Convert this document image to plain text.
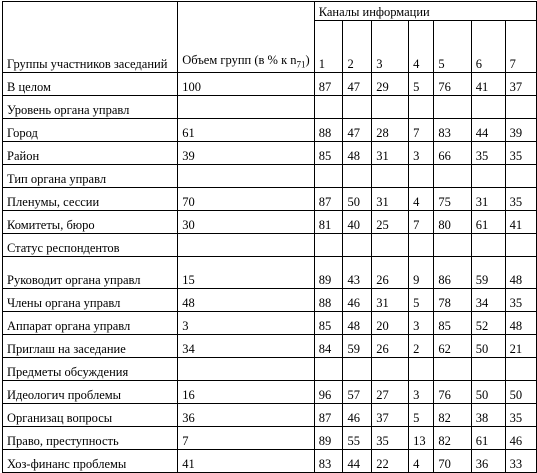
Группы участников заседаний	Объем групп (в % к $n_{71}$)	Каналы информации						
		1	2	3	4	5	6	7
В целом	100	87	47	29	5	76	41	37
Уровень органа управл								
Город	61	88	47	28	7	83	44	39
Район	39	85	48	31	3	66	35	35
Тип органа управл								
Пленумы, сессии	70	87	50	31	4	75	31	35
Комитеты, бюро	30	81	40	25	7	80	61	41
Статус респондентов								
Руководит органа управл	15	89	43	26	9	86	59	48
Члены органа управл	48	88	46	31	5	78	34	35
Аппарат органа управл	3	85	48	20	3	85	52	48
Приглаш на заседание	34	84	59	26	2	62	50	21
Предметы обсуждения								
Идеологич проблемы	16	96	57	27	3	76	50	50
Организац вопросы	36	87	46	37	5	82	38	35
Право, преступность	7	89	55	35	13	82	61	46
Хоз-финанс проблемы	41	83	44	22	4	70	36	33
